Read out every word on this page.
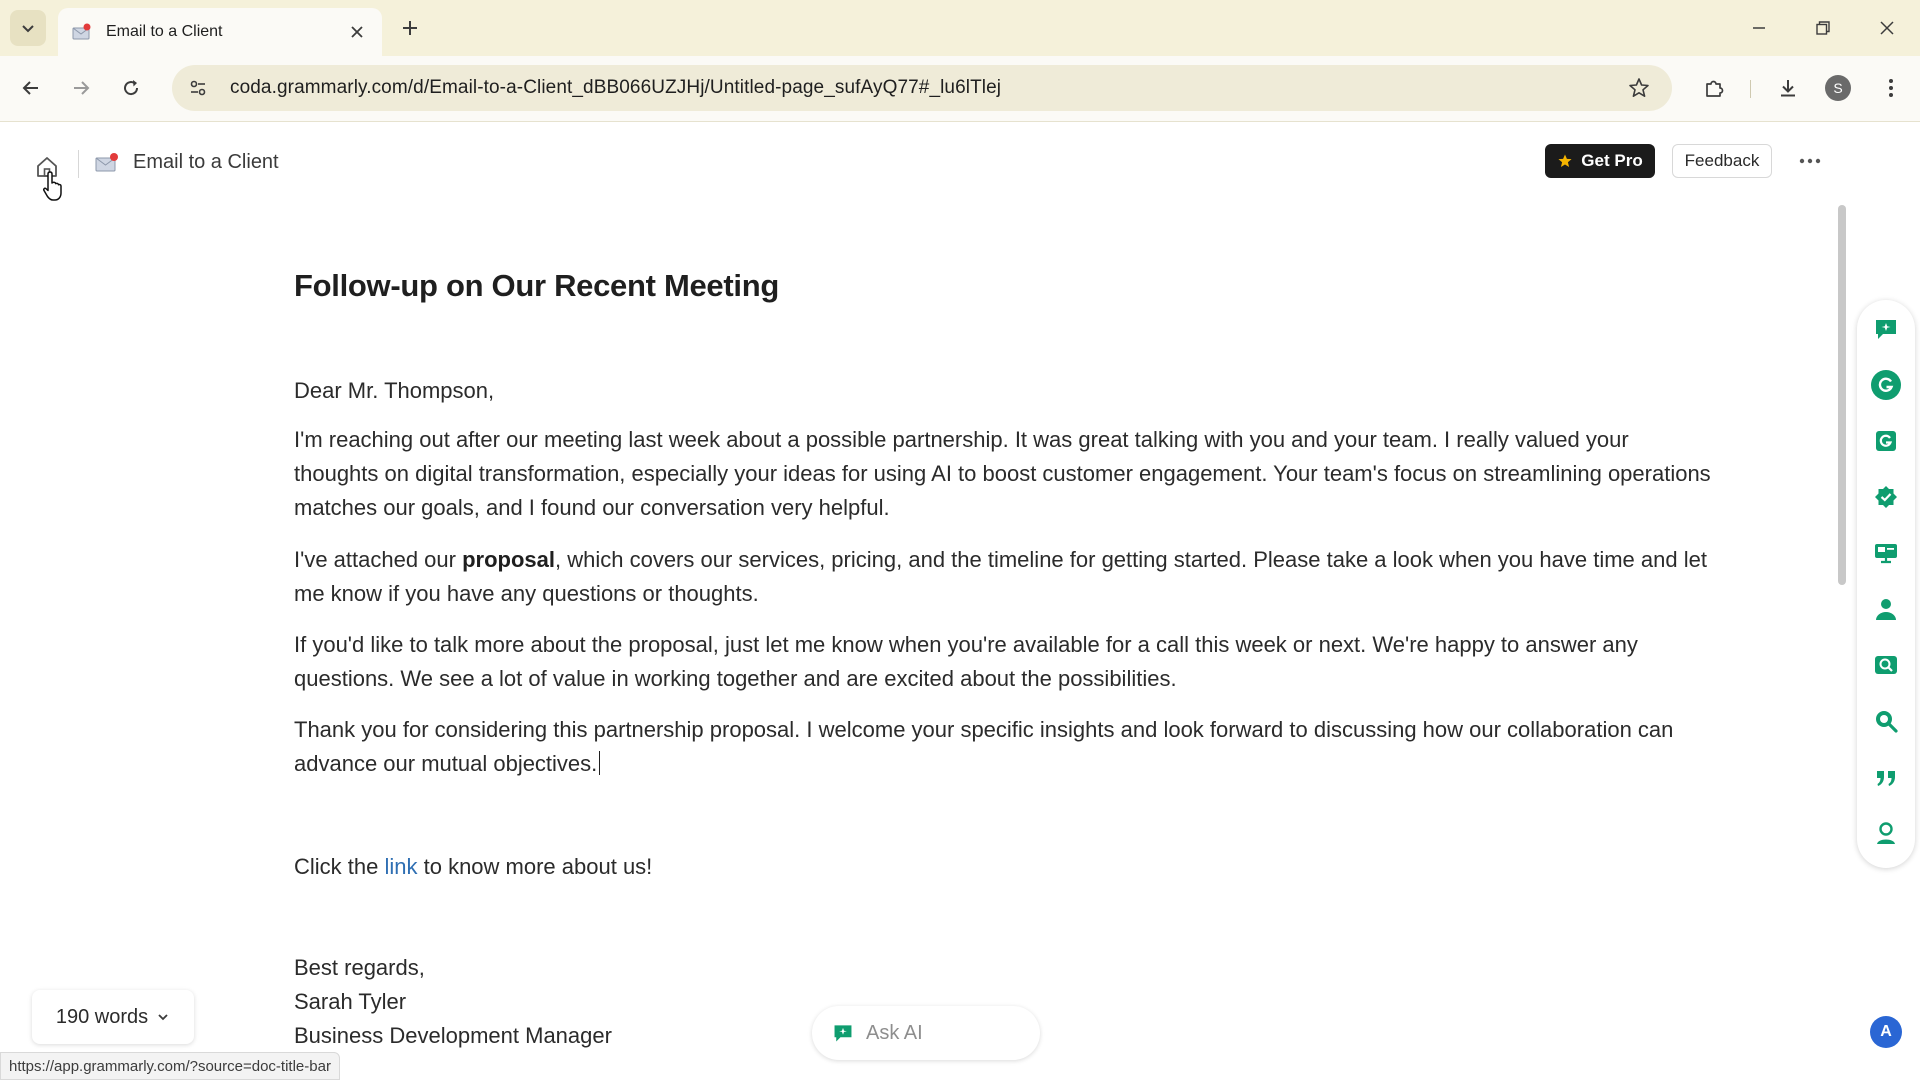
Email to a Client
coda.grammarly.com/d/Email-to-a-Client_dBB066UZJHj/Untitled-page_sufAyQ77#_lu6lTlej	S
Email to a Client	Get Pro	Feedback
Follow-up on Our Recent Meeting

Dear Mr. Thompson,

I'm reaching out after our meeting last week about a possible partnership. It was great talking with you and your team. I really valued your thoughts on digital transformation, especially your ideas for using AI to boost customer engagement. Your team's focus on streamlining operations matches our goals, and I found our conversation very helpful.

I've attached our proposal, which covers our services, pricing, and the timeline for getting started. Please take a look when you have time and let me know if you have any questions or thoughts.

If you'd like to talk more about the proposal, just let me know when you're available for a call this week or next. We're happy to answer any questions. We see a lot of value in working together and are excited about the possibilities.

Thank you for considering this partnership proposal. I welcome your specific insights and look forward to discussing how our collaboration can advance our mutual objectives.

Click the link to know more about us!

Best regards,

Sarah Tyler

Business Development Manager	A
190 words
Ask AI
https://app.grammarly.com/?source=doc-title-bar
